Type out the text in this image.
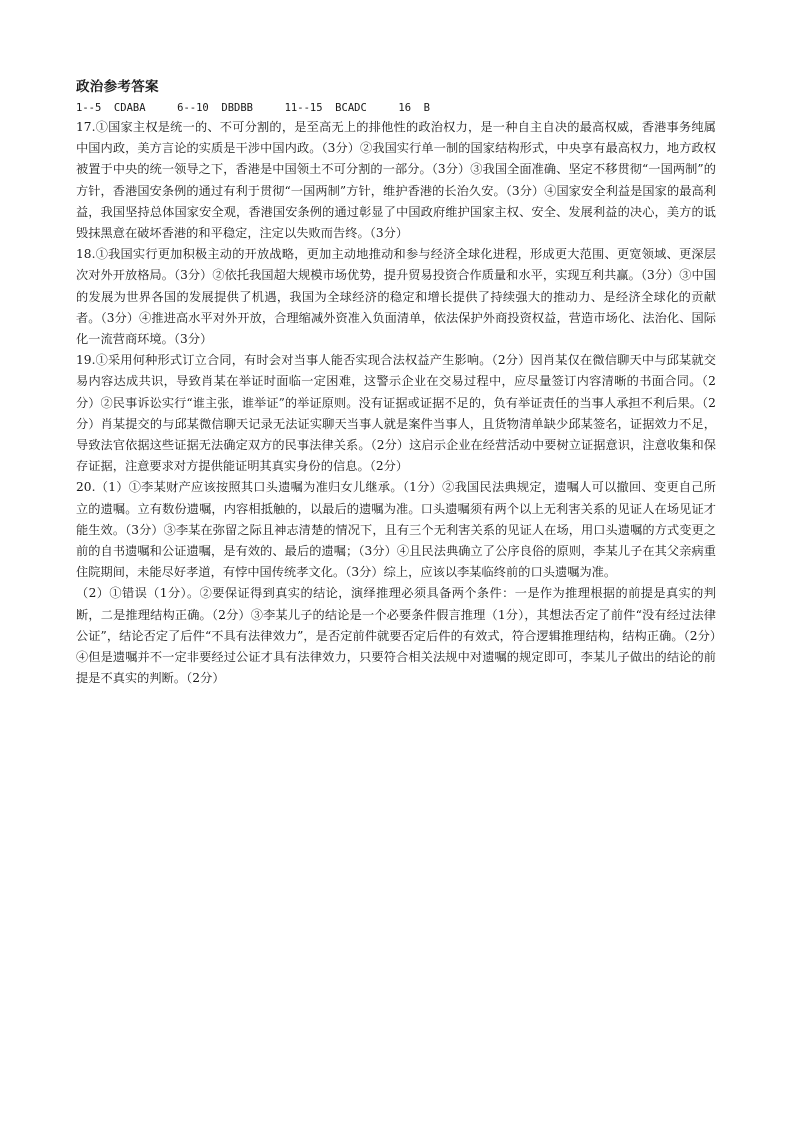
政治参考答案

1--5  CDABA     6--10  DBDBB     11--15  BCADC     16  B

17.①国家主权是统一的、不可分割的，是至高无上的排他性的政治权力，是一种自主自决的最高权威，香港事务纯属中国内政，美方言论的实质是干涉中国内政。（3分）②我国实行单一制的国家结构形式，中央享有最高权力，地方政权被置于中央的统一领导之下，香港是中国领土不可分割的一部分。（3分）③我国全面准确、坚定不移贯彻“一国两制”的方针，香港国安条例的通过有利于贯彻“一国两制”方针，维护香港的长治久安。（3分）④国家安全利益是国家的最高利益，我国坚持总体国家安全观，香港国安条例的通过彰显了中国政府维护国家主权、安全、发展利益的决心，美方的诋毁抹黑意在破坏香港的和平稳定，注定以失败而告终。（3分）

18.①我国实行更加积极主动的开放战略，更加主动地推动和参与经济全球化进程，形成更大范围、更宽领域、更深层次对外开放格局。（3分）②依托我国超大规模市场优势，提升贸易投资合作质量和水平，实现互利共赢。（3分）③中国的发展为世界各国的发展提供了机遇，我国为全球经济的稳定和增长提供了持续强大的推动力、是经济全球化的贡献者。（3分）④推进高水平对外开放，合理缩减外资准入负面清单，依法保护外商投资权益，营造市场化、法治化、国际化一流营商环境。（3分）

19.①采用何种形式订立合同，有时会对当事人能否实现合法权益产生影响。（2分）因肖某仅在微信聊天中与邱某就交易内容达成共识，导致肖某在举证时面临一定困难，这警示企业在交易过程中，应尽量签订内容清晰的书面合同。（2分）②民事诉讼实行“谁主张，谁举证”的举证原则。没有证据或证据不足的，负有举证责任的当事人承担不利后果。（2分）肖某提交的与邱某微信聊天记录无法证实聊天当事人就是案件当事人，且货物清单缺少邱某签名，证据效力不足，导致法官依据这些证据无法确定双方的民事法律关系。（2分）这启示企业在经营活动中要树立证据意识，注意收集和保存证据，注意要求对方提供能证明其真实身份的信息。（2分）

20.（1）①李某财产应该按照其口头遗嘱为准归女儿继承。（1分）②我国民法典规定，遗嘱人可以撤回、变更自己所立的遗嘱。立有数份遗嘱，内容相抵触的，以最后的遗嘱为准。口头遗嘱须有两个以上无利害关系的见证人在场见证才能生效。（3分）③李某在弥留之际且神志清楚的情况下，且有三个无利害关系的见证人在场，用口头遗嘱的方式变更之前的自书遗嘱和公证遗嘱，是有效的、最后的遗嘱；（3分）④且民法典确立了公序良俗的原则，李某儿子在其父亲病重住院期间，未能尽好孝道，有悖中国传统孝文化。（3分）综上，应该以李某临终前的口头遗嘱为准。

（2）①错误（1分）。②要保证得到真实的结论，演绎推理必须具备两个条件：一是作为推理根据的前提是真实的判断，二是推理结构正确。（2分）③李某儿子的结论是一个必要条件假言推理（1分），其想法否定了前件“没有经过法律公证”，结论否定了后件“不具有法律效力”，是否定前件就要否定后件的有效式，符合逻辑推理结构，结构正确。（2分）④但是遗嘱并不一定非要经过公证才具有法律效力，只要符合相关法规中对遗嘱的规定即可，李某儿子做出的结论的前提是不真实的判断。（2分）
